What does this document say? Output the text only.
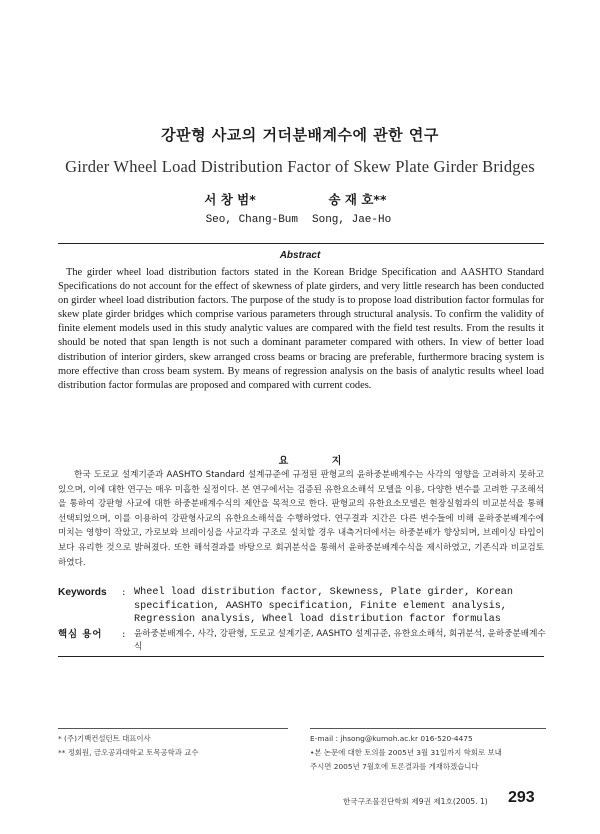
강판형 사교의 거더분배계수에 관한 연구
Girder Wheel Load Distribution Factor of Skew Plate Girder Bridges
서 창 범*	송 재 호**
Seo, Chang-Bum Song, Jae-Ho
Abstract
The girder wheel load distribution factors stated in the Korean Bridge Specification and AASHTO Standard Specifications do not account for the effect of skewness of plate girders, and very little research has been conducted on girder wheel load distribution factors. The purpose of the study is to propose load distribution factor formulas for skew plate girder bridges which comprise various parameters through structural analysis. To confirm the validity of finite element models used in this study analytic values are compared with the field test results. From the results it should be noted that span length is not such a dominant parameter compared with others. In view of better load distribution of interior girders, skew arranged cross beams or bracing are preferable, furthermore bracing system is more effective than cross beam system. By means of regression analysis on the basis of analytic results wheel load distribution factor formulas are proposed and compared with current codes.
요 지
한국 도로교 설계기준과 AASHTO Standard 설계규준에 규정된 판형교의 윤하중분배계수는 사각의 영향을 고려하지 못하고 있으며, 이에 대한 연구는 매우 미흡한 실정이다. 본 연구에서는 검증된 유한요소해석 모델을 이용, 다양한 변수를 고려한 구조해석을 통하여 강판형 사교에 대한 하중분배계수식의 제안을 목적으로 한다. 판형교의 유한요소모델은 현장실험과의 비교분석을 통해 선택되었으며, 이를 이용하여 강판형사교의 유한요소해석을 수행하였다. 연구결과 지간은 다른 변수들에 비해 윤하중분배계수에 미치는 영향이 작았고, 가로보와 브레이싱을 사교각과 구조로 설치할 경우 내측거더에서는 하중분배가 향상되며, 브레이싱 타입이 보다 유리한 것으로 밝혀졌다. 또한 해석결과를 바탕으로 회귀분석을 통해서 윤하중분배계수식을 제시하였고, 기존식과 비교검토하였다.
Keywords	: Wheel load distribution factor, Skewness, Plate girder, Korean specification, AASHTO specification, Finite element analysis, Regression analysis, Wheel load distribution factor formulas
핵심 용어	: 윤하중분배계수, 사각, 강판형, 도로교 설계기준, AASHTO 설계규준, 유한요소해석, 회귀분석, 윤하중분배계수식
* (주)기백컨설턴트 대표이사
** 정회원, 금오공과대학교 토목공학과 교수
E-mail : jhsong@kumoh.ac.kr 016-520-4475
•본 논문에 대한 토의를 2005년 3월 31일까지 학회로 보내
주시면 2005년 7월호에 토론결과를 게재하겠습니다
한국구조물진단학회 제9권 제1호(2005. 1) 293
